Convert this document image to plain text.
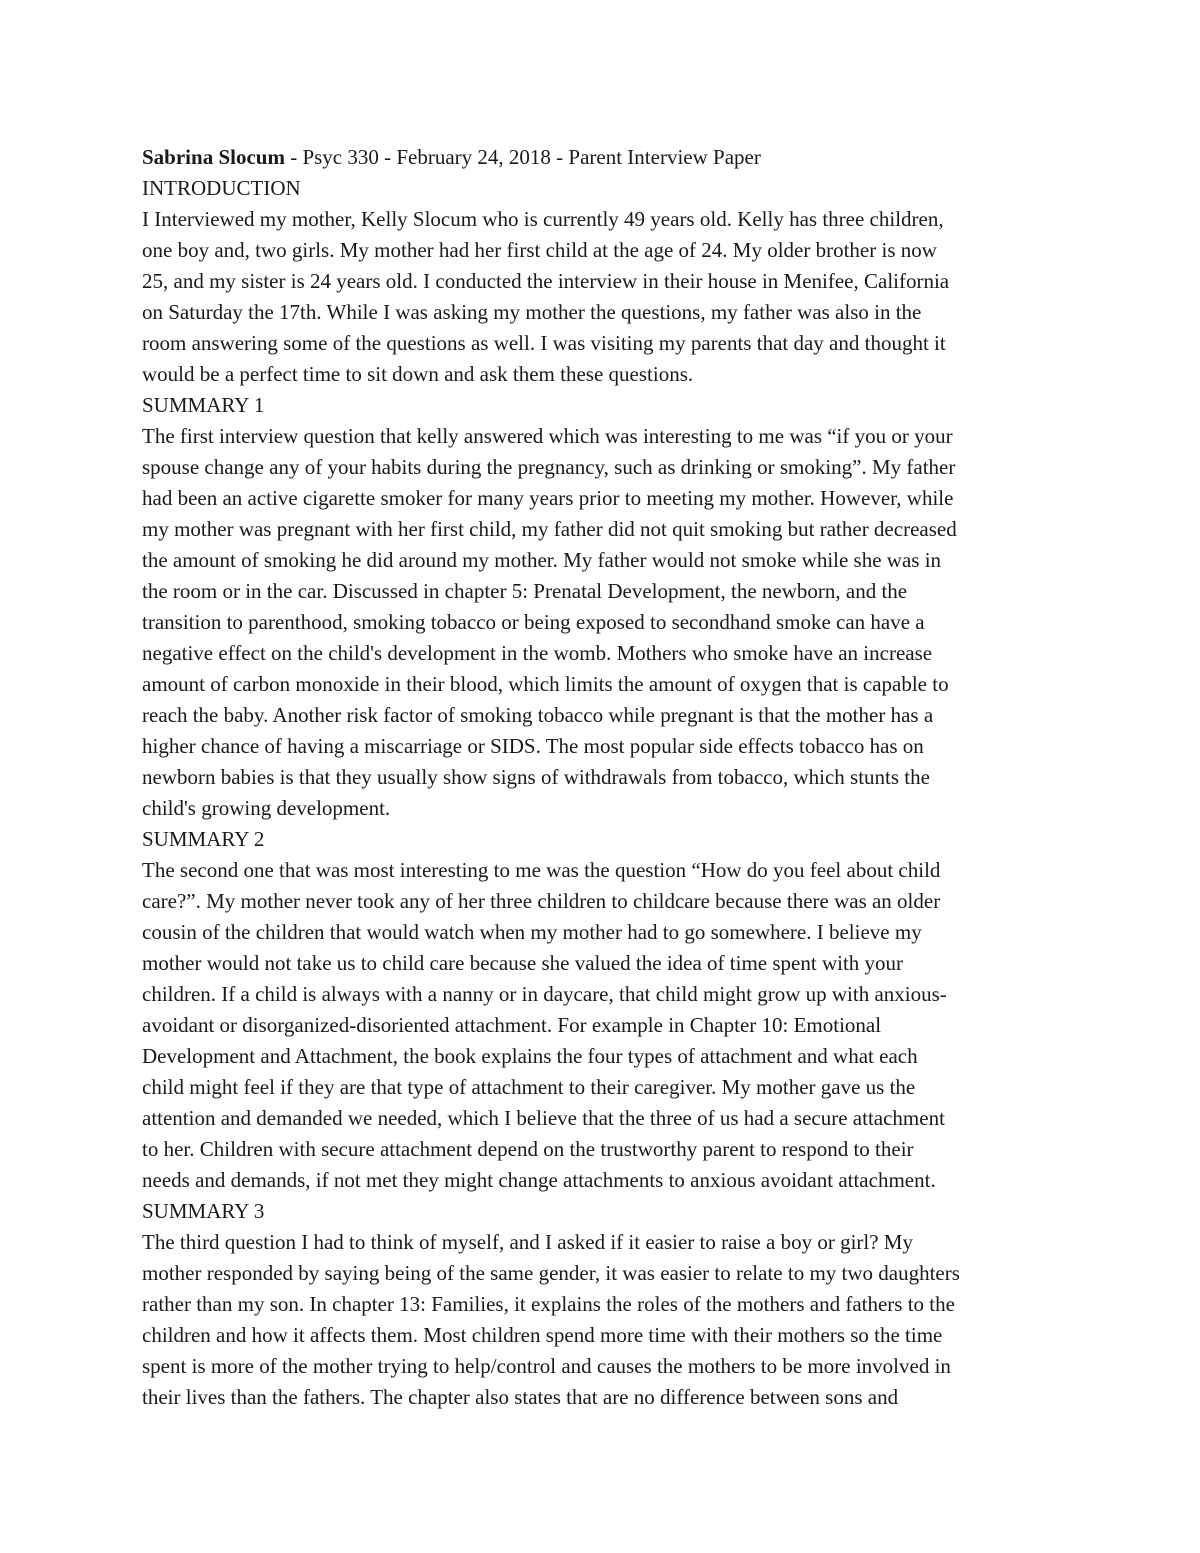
Sabrina Slocum - Psyc 330 - February 24, 2018 - Parent Interview Paper
INTRODUCTION
I Interviewed my mother, Kelly Slocum who is currently 49 years old. Kelly has three children,
one boy and, two girls. My mother had her first child at the age of 24. My older brother is now
25, and my sister is 24 years old. I conducted the interview in their house in Menifee, California
on Saturday the 17th. While I was asking my mother the questions, my father was also in the
room answering some of the questions as well. I was visiting my parents that day and thought it
would be a perfect time to sit down and ask them these questions.
SUMMARY 1
The first interview question that kelly answered which was interesting to me was “if you or your
spouse change any of your habits during the pregnancy, such as drinking or smoking”. My father
had been an active cigarette smoker for many years prior to meeting my mother. However, while
my mother was pregnant with her first child, my father did not quit smoking but rather decreased
the amount of smoking he did around my mother. My father would not smoke while she was in
the room or in the car. Discussed in chapter 5: Prenatal Development, the newborn, and the
transition to parenthood, smoking tobacco or being exposed to secondhand smoke can have a
negative effect on the child's development in the womb. Mothers who smoke have an increase
amount of carbon monoxide in their blood, which limits the amount of oxygen that is capable to
reach the baby. Another risk factor of smoking tobacco while pregnant is that the mother has a
higher chance of having a miscarriage or SIDS. The most popular side effects tobacco has on
newborn babies is that they usually show signs of withdrawals from tobacco, which stunts the
child's growing development.
SUMMARY 2
The second one that was most interesting to me was the question “How do you feel about child
care?”. My mother never took any of her three children to childcare because there was an older
cousin of the children that would watch when my mother had to go somewhere. I believe my
mother would not take us to child care because she valued the idea of time spent with your
children. If a child is always with a nanny or in daycare, that child might grow up with anxious-
avoidant or disorganized-disoriented attachment. For example in Chapter 10: Emotional
Development and Attachment, the book explains the four types of attachment and what each
child might feel if they are that type of attachment to their caregiver. My mother gave us the
attention and demanded we needed, which I believe that the three of us had a secure attachment
to her. Children with secure attachment depend on the trustworthy parent to respond to their
needs and demands, if not met they might change attachments to anxious avoidant attachment.
SUMMARY 3
The third question I had to think of myself, and I asked if it easier to raise a boy or girl? My
mother responded by saying being of the same gender, it was easier to relate to my two daughters
rather than my son. In chapter 13: Families, it explains the roles of the mothers and fathers to the
children and how it affects them. Most children spend more time with their mothers so the time
spent is more of the mother trying to help/control and causes the mothers to be more involved in
their lives than the fathers. The chapter also states that are no difference between sons and
